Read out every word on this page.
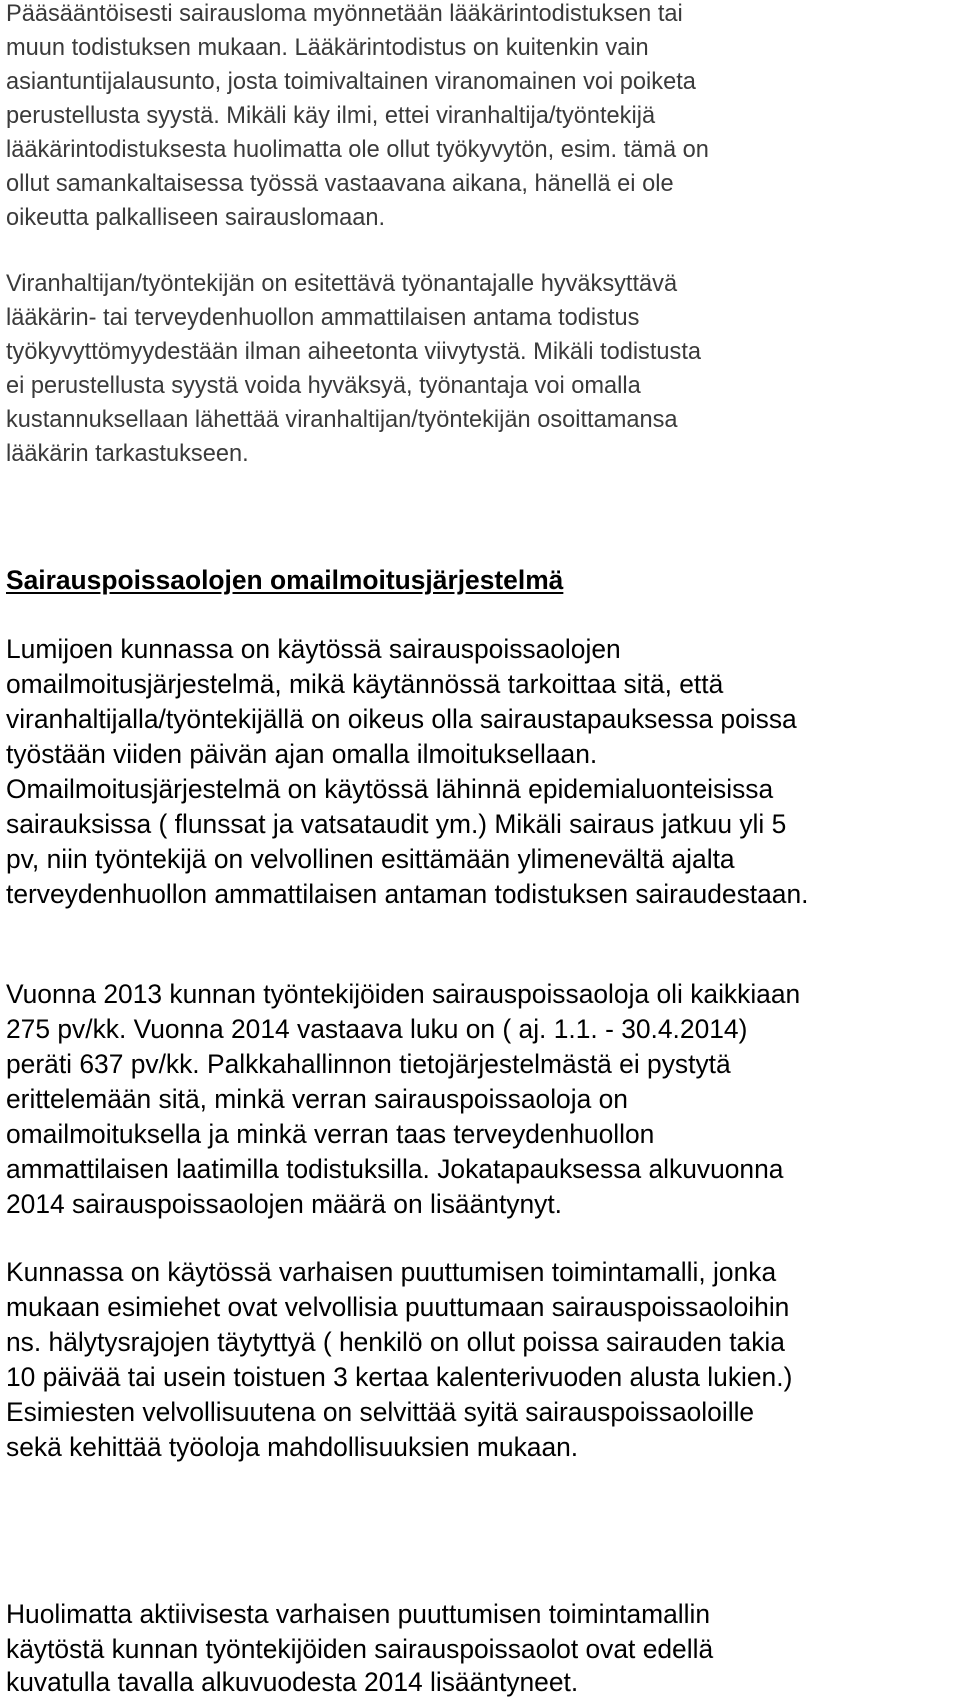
Pääsääntöisesti sairausloma myönnetään lääkärintodistuksen tai

muun todistuksen mukaan. Lääkärintodistus on kuitenkin vain

asiantuntijalausunto, josta toimivaltainen viranomainen voi poiketa

perustellusta syystä. Mikäli käy ilmi, ettei viranhaltija/työntekijä

lääkärintodistuksesta huolimatta ole ollut työkyvytön, esim. tämä on

ollut samankaltaisessa työssä vastaavana aikana, hänellä ei ole

oikeutta palkalliseen sairauslomaan.

Viranhaltijan/työntekijän on esitettävä työnantajalle hyväksyttävä

lääkärin- tai terveydenhuollon ammattilaisen antama todistus

työkyvyttömyydestään ilman aiheetonta viivytystä. Mikäli todistusta

ei perustellusta syystä voida hyväksyä, työnantaja voi omalla

kustannuksellaan lähettää viranhaltijan/työntekijän osoittamansa

lääkärin tarkastukseen.

Sairauspoissaolojen omailmoitusjärjestelmä

Lumijoen kunnassa on käytössä sairauspoissaolojen

omailmoitusjärjestelmä, mikä käytännössä tarkoittaa sitä, että

viranhaltijalla/työntekijällä on oikeus olla sairaustapauksessa poissa

työstään viiden päivän ajan omalla ilmoituksellaan.

Omailmoitusjärjestelmä on käytössä lähinnä epidemialuonteisissa

sairauksissa ( flunssat ja vatsataudit ym.) Mikäli sairaus jatkuu yli 5

pv, niin työntekijä on velvollinen esittämään ylimenevältä ajalta

terveydenhuollon ammattilaisen antaman todistuksen sairaudestaan.

Vuonna 2013 kunnan työntekijöiden sairauspoissaoloja oli kaikkiaan

275 pv/kk. Vuonna 2014 vastaava luku on ( aj. 1.1. - 30.4.2014)

peräti 637 pv/kk. Palkkahallinnon tietojärjestelmästä ei pystytä

erittelemään sitä, minkä verran sairauspoissaoloja on

omailmoituksella ja minkä verran taas terveydenhuollon

ammattilaisen laatimilla todistuksilla. Jokatapauksessa alkuvuonna

2014 sairauspoissaolojen määrä on lisääntynyt.

Kunnassa on käytössä varhaisen puuttumisen toimintamalli, jonka

mukaan esimiehet ovat velvollisia puuttumaan sairauspoissaoloihin

ns. hälytysrajojen täytyttyä ( henkilö on ollut poissa sairauden takia

10 päivää tai usein toistuen 3 kertaa kalenterivuoden alusta lukien.)

Esimiesten velvollisuutena on selvittää syitä sairauspoissaoloille

sekä kehittää työoloja mahdollisuuksien mukaan.

Huolimatta aktiivisesta varhaisen puuttumisen toimintamallin

käytöstä kunnan työntekijöiden sairauspoissaolot ovat edellä

kuvatulla tavalla alkuvuodesta 2014 lisääntyneet.
